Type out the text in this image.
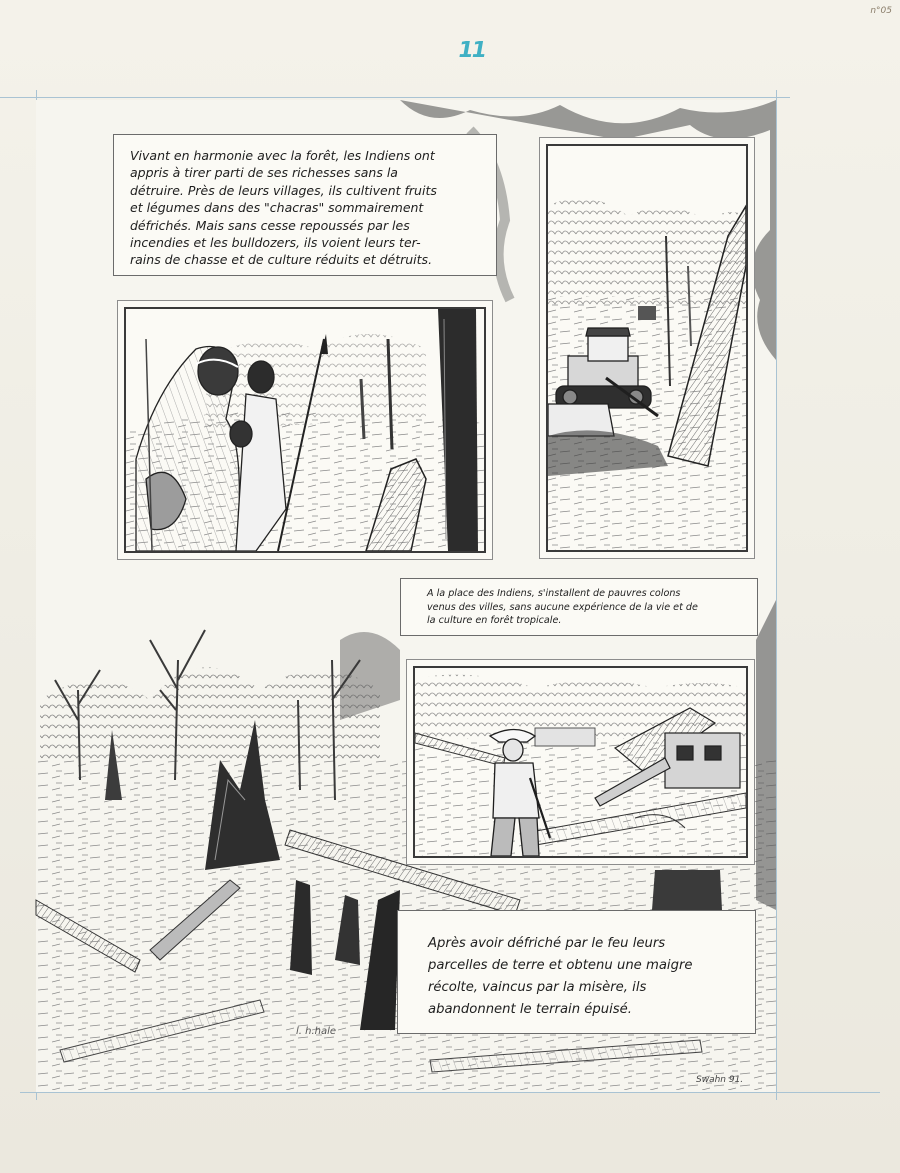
11
n°05

Vivant en harmonie avec la forêt, les Indiens ont
appris à tirer parti de ses richesses sans la
détruire. Près de leurs villages, ils cultivent fruits
et légumes dans des "chacras" sommairement
défrichés. Mais sans cesse repoussés par les
incendies et les bulldozers, ils voient leurs ter-
rains de chasse et de culture réduits et détruits.

A la place des Indiens, s'installent de pauvres colons
venus des villes, sans aucune expérience de la vie et de
la culture en forêt tropicale.

Après avoir défriché par le feu leurs
parcelles de terre et obtenu une maigre
récolte, vaincus par la misère, ils
abandonnent le terrain épuisé.

l. h.hale
Swahn 91.
